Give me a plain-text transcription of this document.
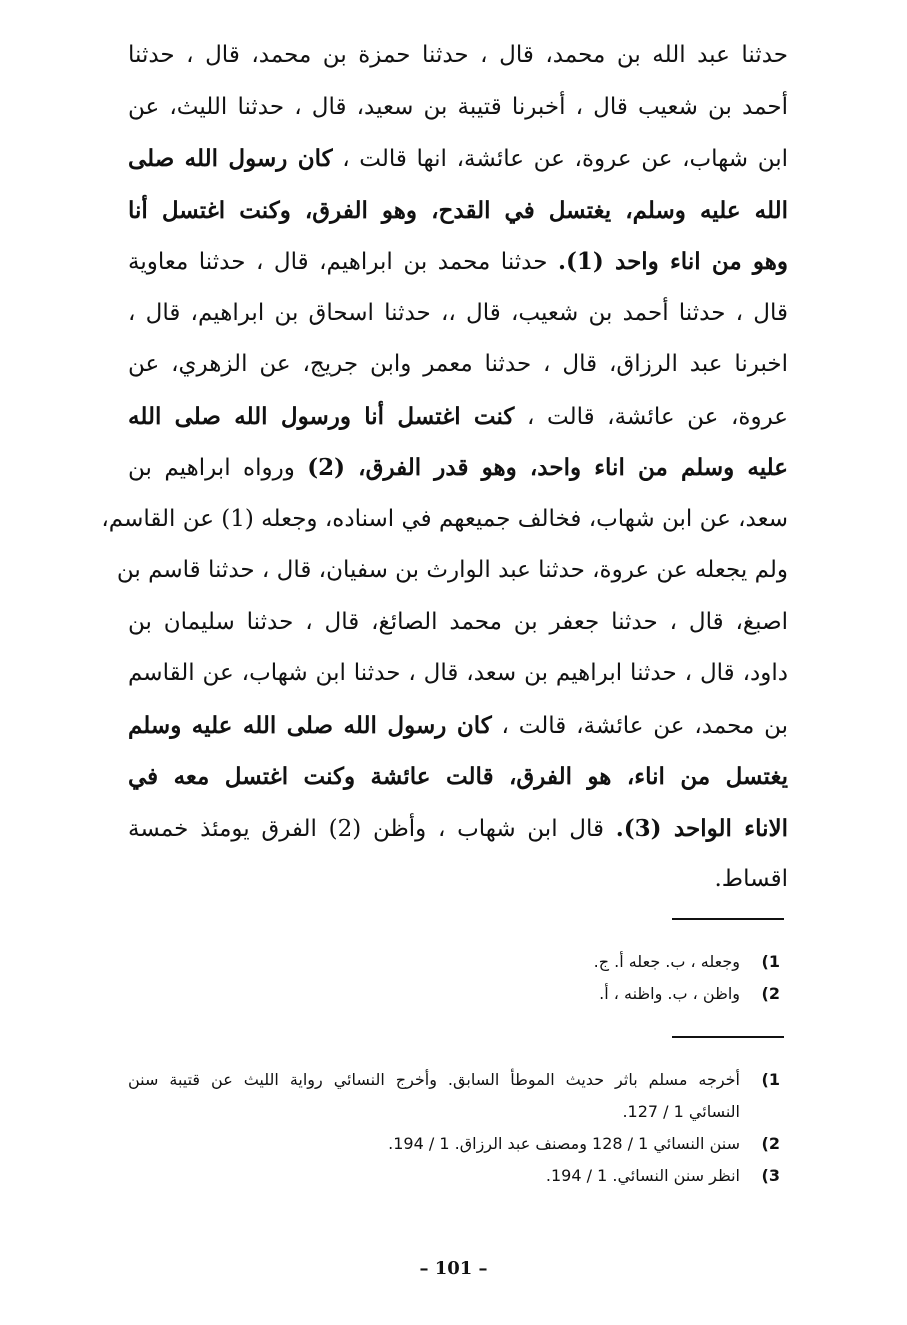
حدثنا عبد الله بن محمد، قال ، حدثنا حمزة بن محمد، قال ، حدثنا
أحمد بن شعيب قال ، أخبرنا قتيبة بن سعيد، قال ، حدثنا الليث، عن
ابن شهاب، عن عروة، عن عائشة، انها قالت ، كان رسول الله صلى
الله عليه وسلم، يغتسل في القدح، وهو الفرق، وكنت اغتسل أنا
وهو من اناء واحد (1). حدثنا محمد بن ابراهيم، قال ، حدثنا معاوية
قال ، حدثنا أحمد بن شعيب، قال ،، حدثنا اسحاق بن ابراهيم، قال ،
اخبرنا عبد الرزاق، قال ، حدثنا معمر وابن جريج، عن الزهري، عن
عروة، عن عائشة، قالت ، كنت اغتسل أنا ورسول الله صلى الله
عليه وسلم من اناء واحد، وهو قدر الفرق، (2) ورواه ابراهيم بن
سعد، عن ابن شهاب، فخالف جميعهم في اسناده، وجعله (1) عن القاسم،
ولم يجعله عن عروة، حدثنا عبد الوارث بن سفيان، قال ، حدثنا قاسم بن
اصبغ، قال ، حدثنا جعفر بن محمد الصائغ، قال ، حدثنا سليمان بن
داود، قال ، حدثنا ابراهيم بن سعد، قال ، حدثنا ابن شهاب، عن القاسم
بن محمد، عن عائشة، قالت ، كان رسول الله صلى الله عليه وسلم
يغتسل من اناء، هو الفرق، قالت عائشة وكنت اغتسل معه في
الاناء الواحد (3). قال ابن شهاب ، وأظن (2) الفرق يومئذ خمسة
اقساط.
1)
وجعله ، ب. جعله أ. ج.
2)
واظن ، ب. واظنه ، أ.
1)
أخرجه مسلم باثر حديث الموطأ السابق. وأخرج النسائي رواية الليث عن قتيبة سنن
النسائي 1 / 127.
2)
سنن النسائي 1 / 128 ومصنف عبد الرزاق. 1 / 194.
3)
انظر سنن النسائي. 1 / 194.
– 101 –
